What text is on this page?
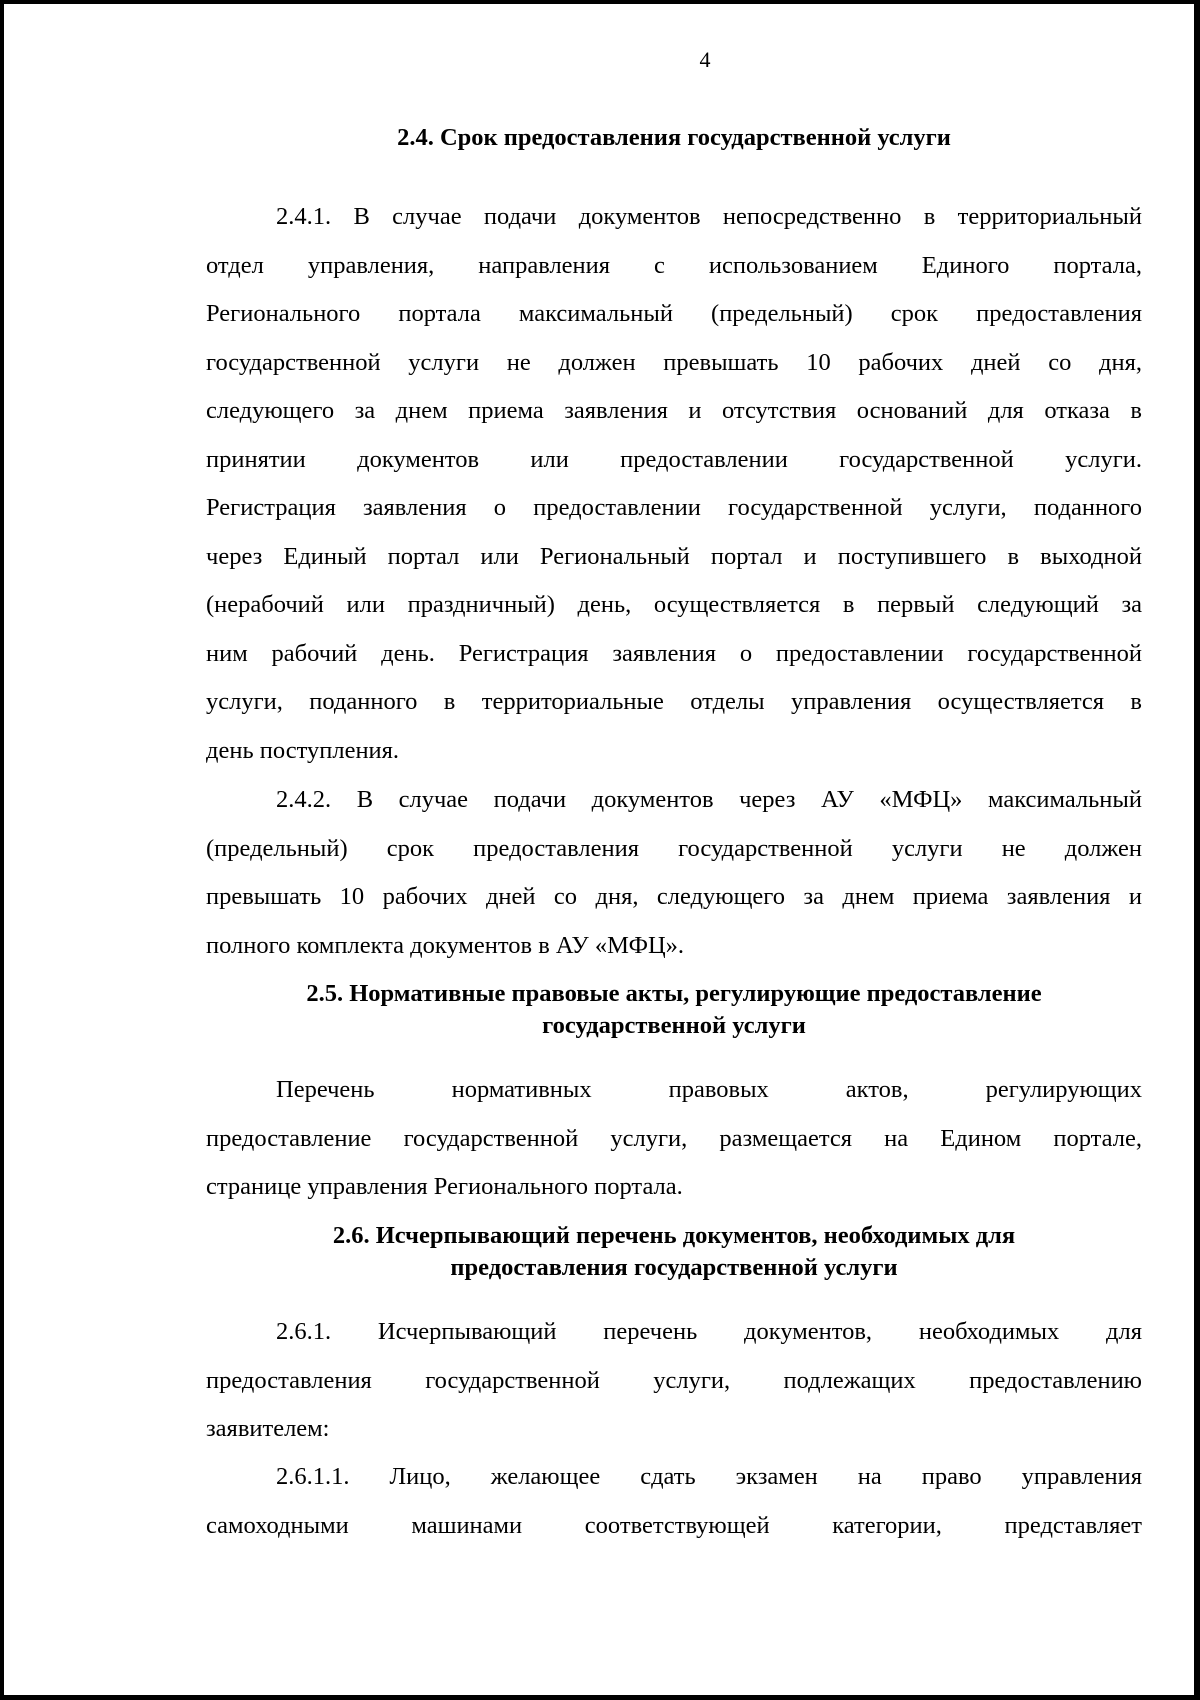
4
2.4. Срок предоставления государственной услуги
2.4.1. В случае подачи документов непосредственно в территориальный
отдел управления, направления с использованием Единого портала,
Регионального портала максимальный (предельный) срок предоставления
государственной услуги не должен превышать 10 рабочих дней со дня,
следующего за днем приема заявления и отсутствия оснований для отказа в
принятии документов или предоставлении государственной услуги.
Регистрация заявления о предоставлении государственной услуги, поданного
через Единый портал или Региональный портал и поступившего в выходной
(нерабочий или праздничный) день, осуществляется в первый следующий за
ним рабочий день. Регистрация заявления о предоставлении государственной
услуги, поданного в территориальные отделы управления осуществляется в
день поступления.
2.4.2. В случае подачи документов через АУ «МФЦ» максимальный
(предельный) срок предоставления государственной услуги не должен
превышать 10 рабочих дней со дня, следующего за днем приема заявления и
полного комплекта документов в АУ «МФЦ».
2.5. Нормативные правовые акты, регулирующие предоставление
государственной услуги
Перечень нормативных правовых актов, регулирующих
предоставление государственной услуги, размещается на Едином портале,
странице управления Регионального портала.
2.6. Исчерпывающий перечень документов, необходимых для
предоставления государственной услуги
2.6.1. Исчерпывающий перечень документов, необходимых для
предоставления государственной услуги, подлежащих предоставлению
заявителем:
2.6.1.1. Лицо, желающее сдать экзамен на право управления
самоходными машинами соответствующей категории, представляет
